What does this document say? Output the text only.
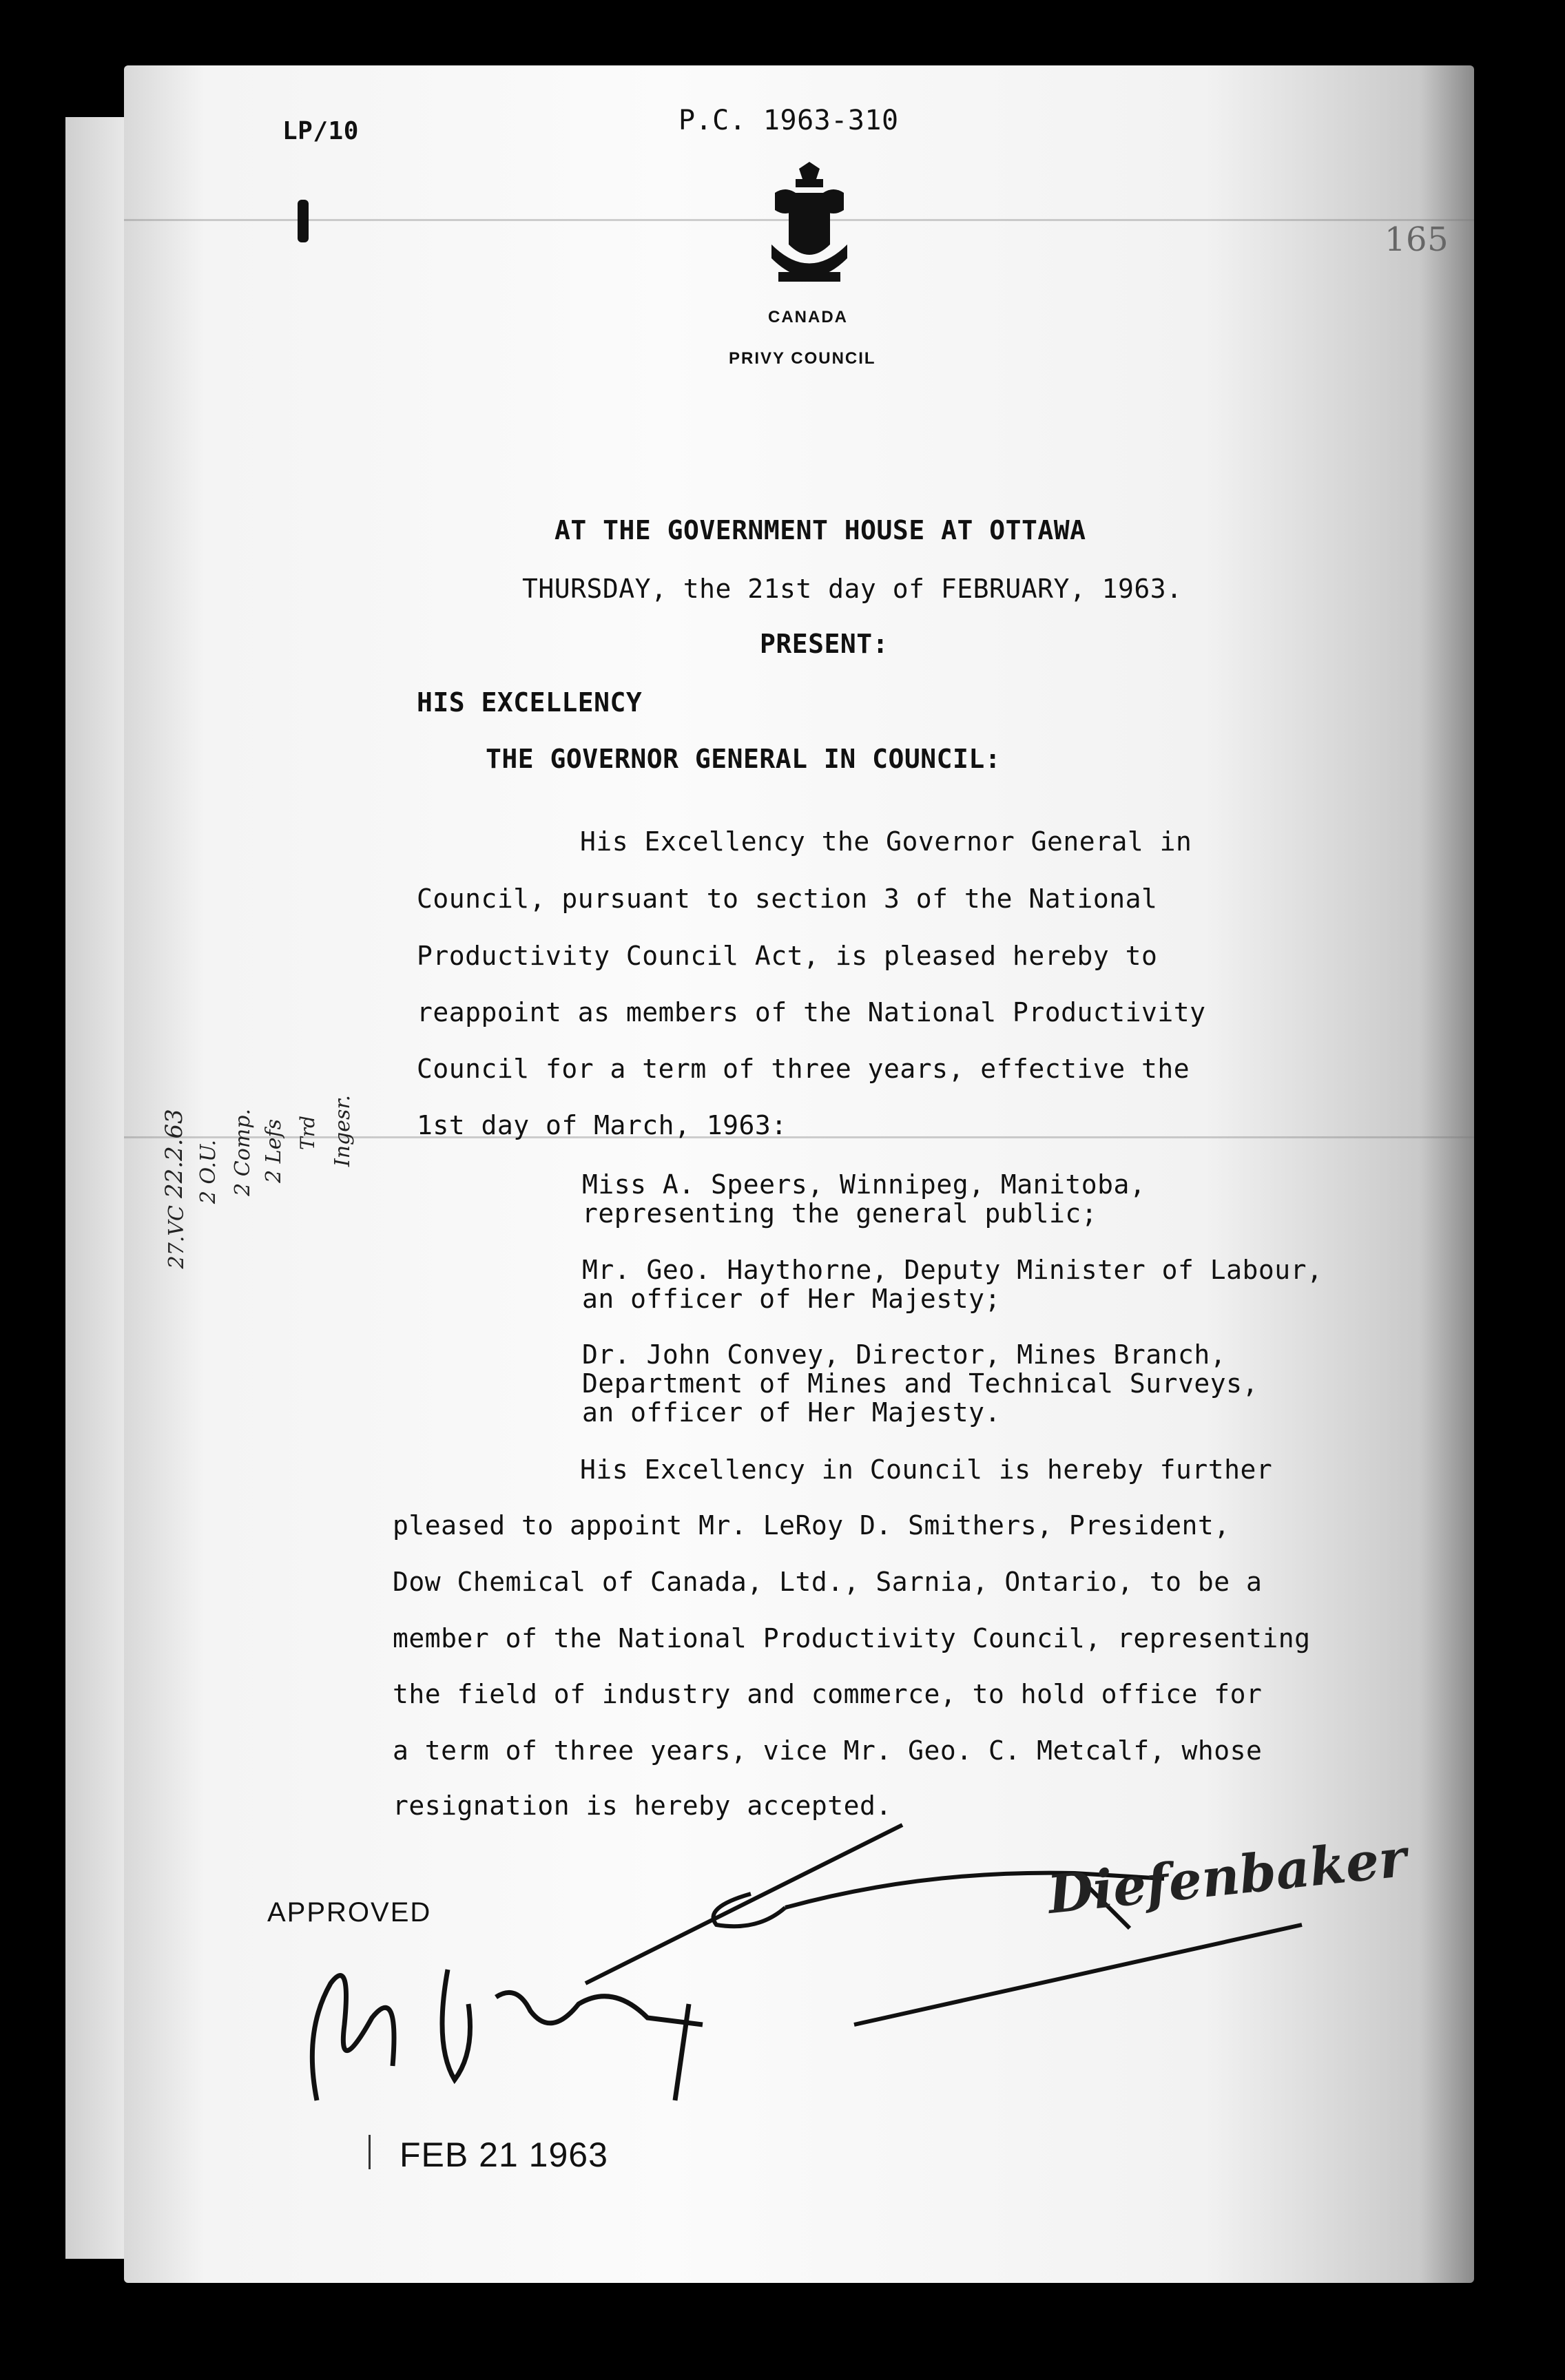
LP/10	P.C. 1963-310
165
CANADA
PRIVY COUNCIL
AT THE GOVERNMENT HOUSE AT OTTAWA
THURSDAY, the 21st day of FEBRUARY, 1963.
PRESENT:
HIS EXCELLENCY
THE GOVERNOR GENERAL IN COUNCIL:
His Excellency the Governor General in
Council, pursuant to section 3 of the National
Productivity Council Act, is pleased hereby to
reappoint as members of the National Productivity
Council for a term of three years, effective the
1st day of March, 1963:
Miss A. Speers, Winnipeg, Manitoba,
representing the general public;
Mr. Geo. Haythorne, Deputy Minister of Labour,
an officer of Her Majesty;
Dr. John Convey, Director, Mines Branch,
Department of Mines and Technical Surveys,
an officer of Her Majesty.
His Excellency in Council is hereby further
pleased to appoint Mr. LeRoy D. Smithers, President,
Dow Chemical of Canada, Ltd., Sarnia, Ontario, to be a
member of the National Productivity Council, representing
the field of industry and commerce, to hold office for
a term of three years, vice Mr. Geo. C. Metcalf, whose
resignation is hereby accepted.
22.2.63
27.VC
2 O.U. 2 Comp. 2 Lefs Trd Ingesr.
APPROVED	Diefenbaker
FEB 21 1963
